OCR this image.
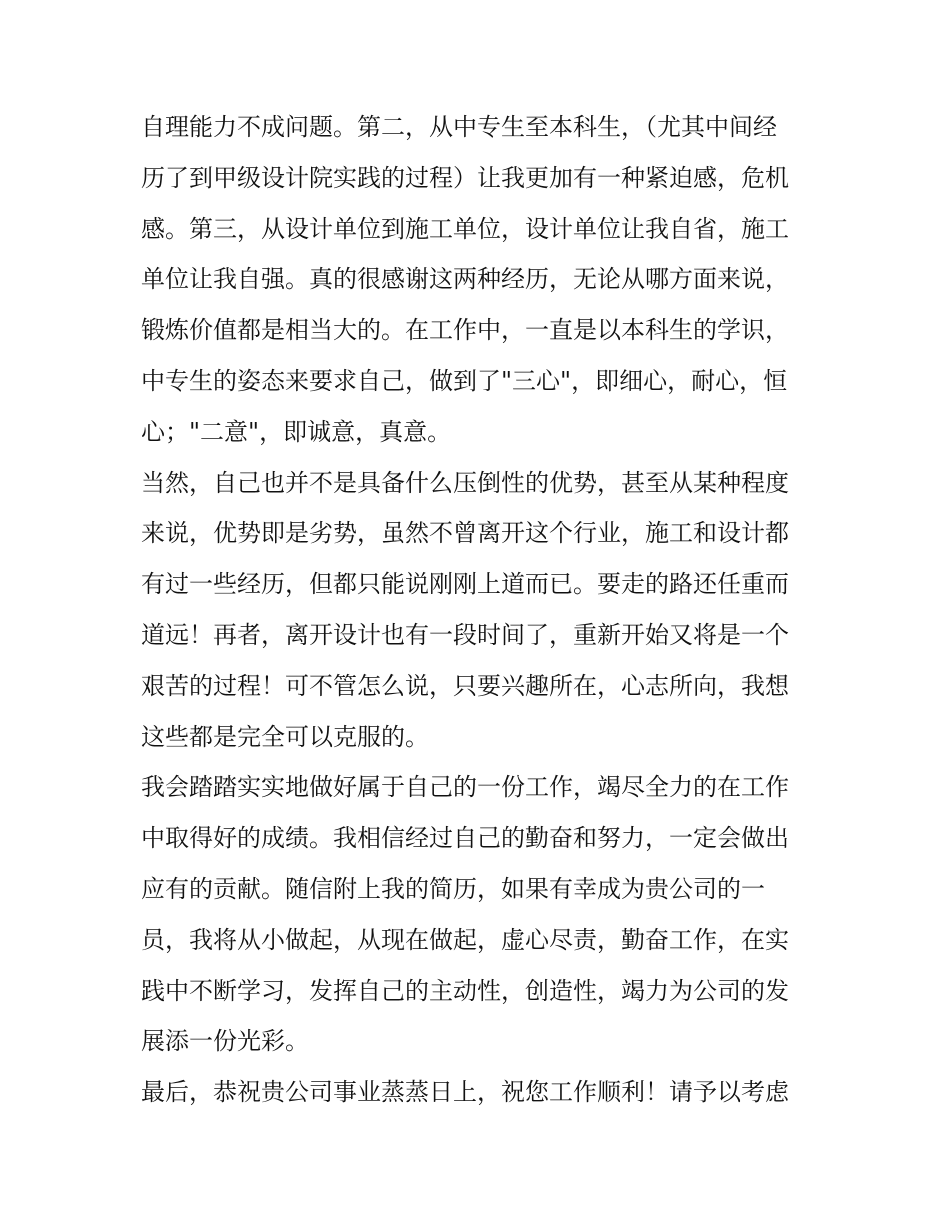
自理能力不成问题。第二，从中专生至本科生，（尤其中间经
历了到甲级设计院实践的过程）让我更加有一种紧迫感，危机
感。第三，从设计单位到施工单位，设计单位让我自省，施工
单位让我自强。真的很感谢这两种经历，无论从哪方面来说，
锻炼价值都是相当大的。在工作中，一直是以本科生的学识，
中专生的姿态来要求自己，做到了"三心"，即细心，耐心，恒
心；"二意"，即诚意，真意。
当然，自己也并不是具备什么压倒性的优势，甚至从某种程度
来说，优势即是劣势，虽然不曾离开这个行业，施工和设计都
有过一些经历，但都只能说刚刚上道而已。要走的路还任重而
道远！再者，离开设计也有一段时间了，重新开始又将是一个
艰苦的过程！可不管怎么说，只要兴趣所在，心志所向，我想
这些都是完全可以克服的。
我会踏踏实实地做好属于自己的一份工作，竭尽全力的在工作
中取得好的成绩。我相信经过自己的勤奋和努力，一定会做出
应有的贡献。随信附上我的简历，如果有幸成为贵公司的一
员，我将从小做起，从现在做起，虚心尽责，勤奋工作，在实
践中不断学习，发挥自己的主动性，创造性，竭力为公司的发
展添一份光彩。
最后，恭祝贵公司事业蒸蒸日上，祝您工作顺利！请予以考虑
